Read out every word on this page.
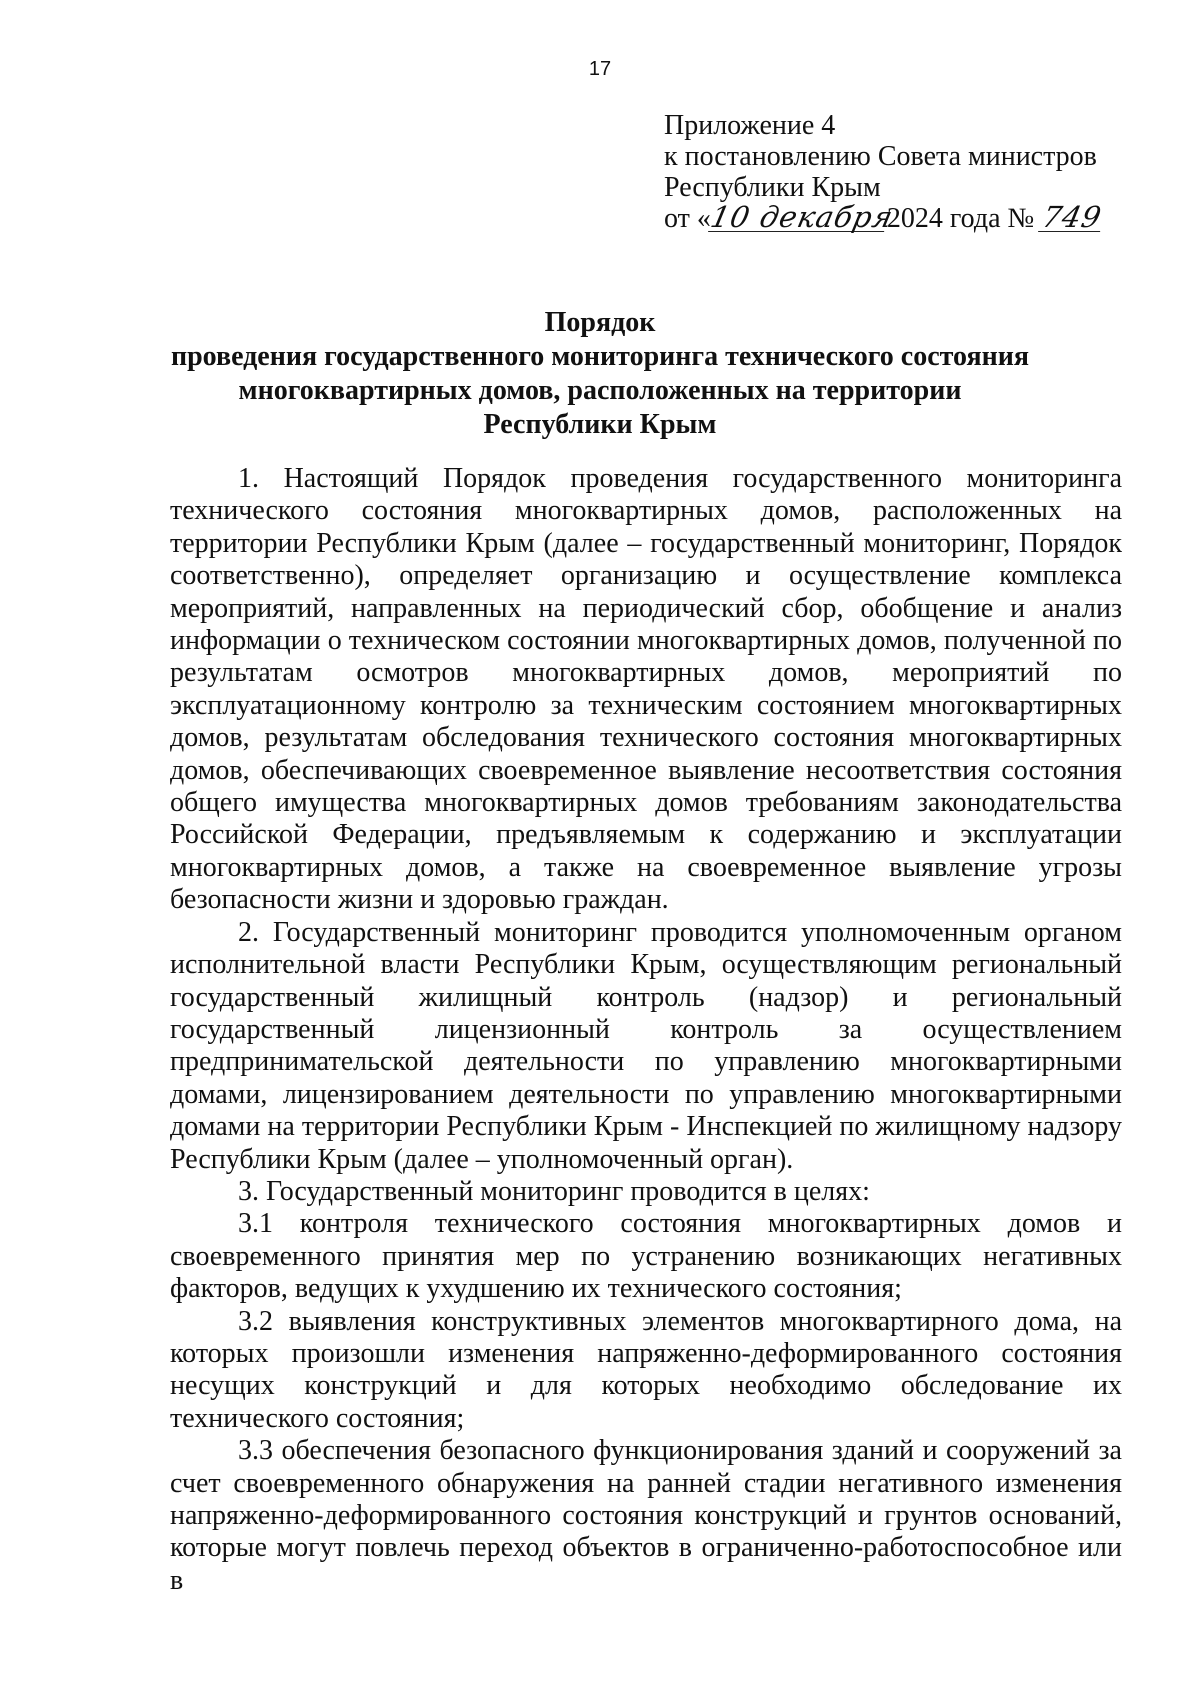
17
Приложение 4
к постановлению Совета министров
Республики Крым
от «10 декабря2024 года № 749
Порядок
проведения государственного мониторинга технического состояния
многоквартирных домов, расположенных на территории
Республики Крым

1. Настоящий Порядок проведения государственного мониторинга технического состояния многоквартирных домов, расположенных на территории Республики Крым (далее – государственный мониторинг, Порядок соответственно), определяет организацию и осуществление комплекса мероприятий, направленных на периодический сбор, обобщение и анализ информации о техническом состоянии многоквартирных домов, полученной по результатам осмотров многоквартирных домов, мероприятий по эксплуатационному контролю за техническим состоянием многоквартирных домов, результатам обследования технического состояния многоквартирных домов, обеспечивающих своевременное выявление несоответствия состояния общего имущества многоквартирных домов требованиям законодательства Российской Федерации, предъявляемым к содержанию и эксплуатации многоквартирных домов, а также на своевременное выявление угрозы безопасности жизни и здоровью граждан.

2. Государственный мониторинг проводится уполномоченным органом исполнительной власти Республики Крым, осуществляющим региональный государственный жилищный контроль (надзор) и региональный государственный лицензионный контроль за осуществлением предпринимательской деятельности по управлению многоквартирными домами, лицензированием деятельности по управлению многоквартирными домами на территории Республики Крым - Инспекцией по жилищному надзору Республики Крым (далее – уполномоченный орган).

3. Государственный мониторинг проводится в целях:

3.1 контроля технического состояния многоквартирных домов и своевременного принятия мер по устранению возникающих негативных факторов, ведущих к ухудшению их технического состояния;

3.2 выявления конструктивных элементов многоквартирного дома, на которых произошли изменения напряженно-деформированного состояния несущих конструкций и для которых необходимо обследование их технического состояния;

3.3 обеспечения безопасного функционирования зданий и сооружений за счет своевременного обнаружения на ранней стадии негативного изменения напряженно-деформированного состояния конструкций и грунтов оснований, которые могут повлечь переход объектов в ограниченно-работоспособное или в
